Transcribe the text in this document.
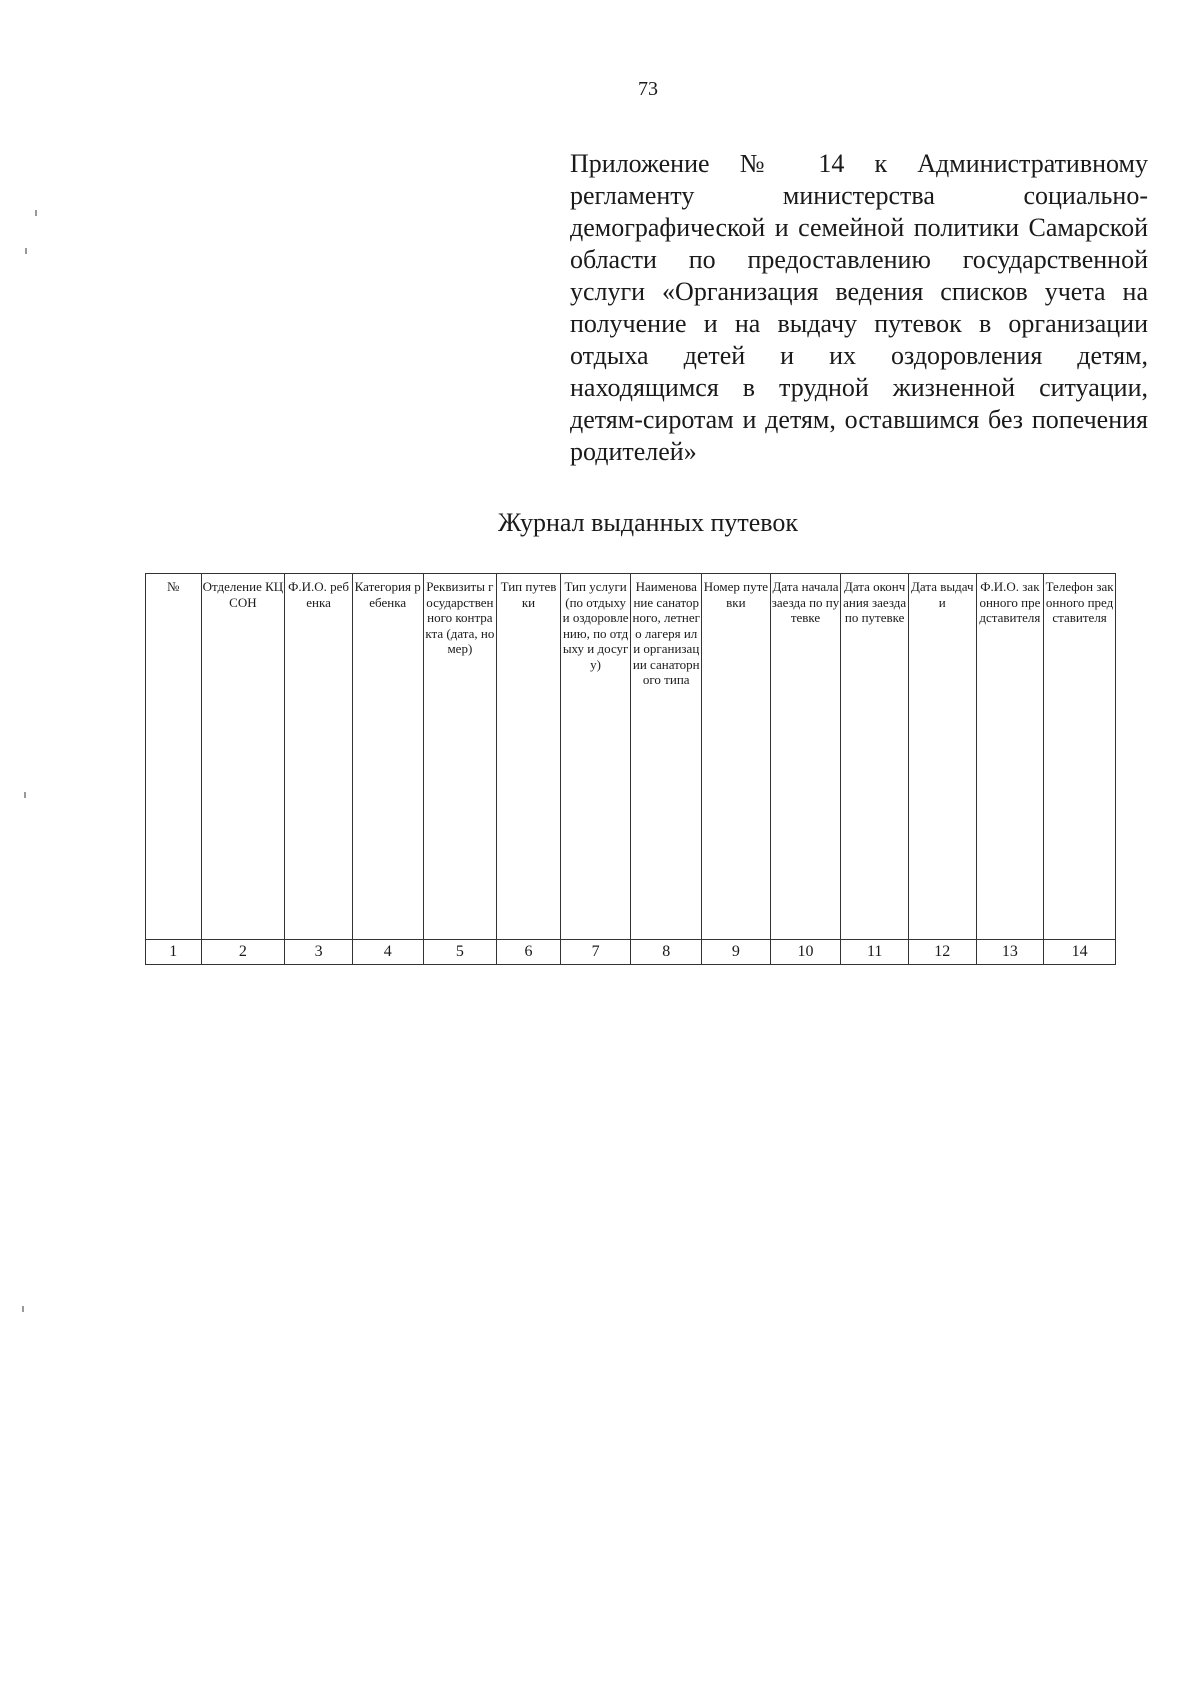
73
Приложение № 14 к Административному регламенту министерства социально-демографической и семейной политики Самарской области по предоставлению государственной услуги «Организация ведения списков учета на получение и на выдачу путевок в организации отдыха детей и их оздоровления детям, находящимся в трудной жизненной ситуации, детям-сиротам и детям, оставшимся без попечения родителей»
Журнал выданных путевок
№	Отделение КЦСОН	Ф.И.О. ребенка	Категория ребенка	Реквизиты государственного контракта (дата, номер)	Тип путевки	Тип услуги (по отдыху и оздоровлению, по отдыху и досугу)	Наименование санаторного, летнего лагеря или организации санаторного типа	Номер путевки	Дата начала заезда по путевке	Дата окончания заезда по путевке	Дата выдачи	Ф.И.О. законного представителя	Телефон законного представителя
1	2	3	4	5	6	7	8	9	10	11	12	13	14
